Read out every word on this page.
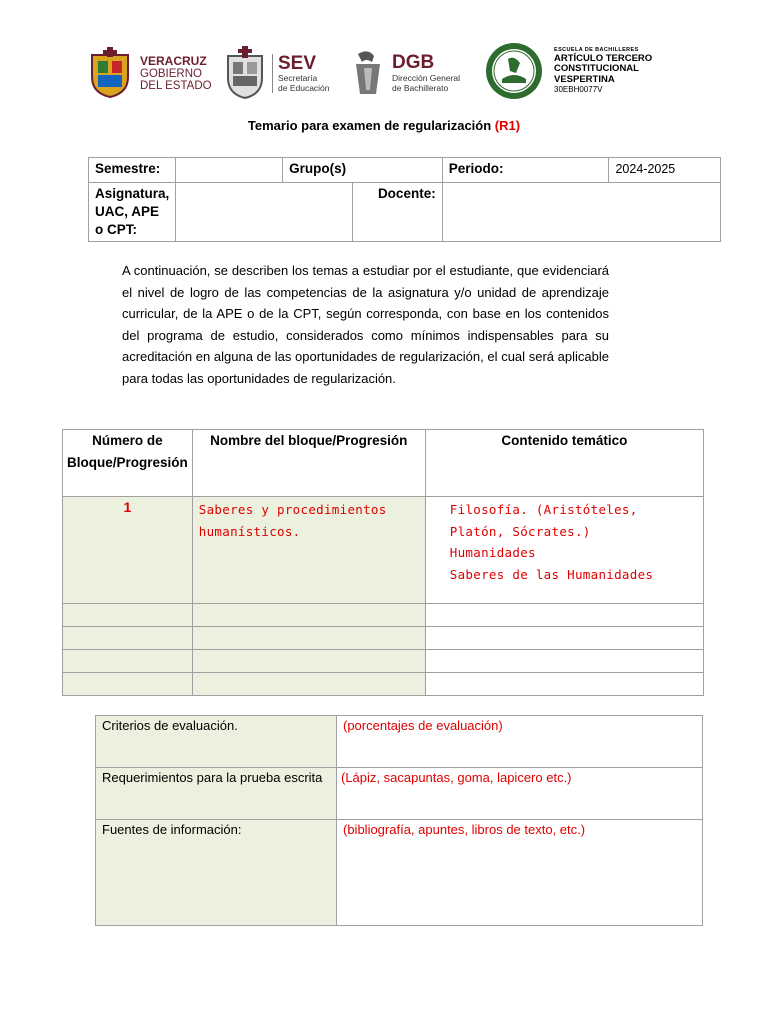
VERACRUZ
GOBIERNO
DEL ESTADO
SEV
Secretaría
de Educación
DGB
Dirección General
de Bachillerato
ESCUELA DE BACHILLERES
ARTÍCULO TERCERO
CONSTITUCIONAL
VESPERTINA
30EBH0077V
Temario para examen de regularización (R1)
Semestre:		Grupo(s)		Periodo:	2024-2025
Asignatura, UAC, APE o CPT:			Docente:		
A continuación, se describen los temas a estudiar por el estudiante, que evidenciará el nivel de logro de las competencias de la asignatura y/o unidad de aprendizaje curricular, de la APE o de la CPT, según corresponda, con base en los contenidos del programa de estudio, considerados como mínimos indispensables para su acreditación en alguna de las oportunidades de regularización, el cual será aplicable para todas las oportunidades de regularización.
Número de Bloque/Progresión	Nombre del bloque/Progresión	Contenido temático
1	Saberes y procedimientos humanísticos.	Filosofía. (Aristóteles, Platón, Sócrates.)
Humanidades
Saberes de las Humanidades

Criterios de evaluación.	(porcentajes de evaluación)
Requerimientos para la prueba escrita	(Lápiz, sacapuntas, goma, lapicero etc.)
Fuentes de información:	(bibliografía, apuntes, libros de texto, etc.)
